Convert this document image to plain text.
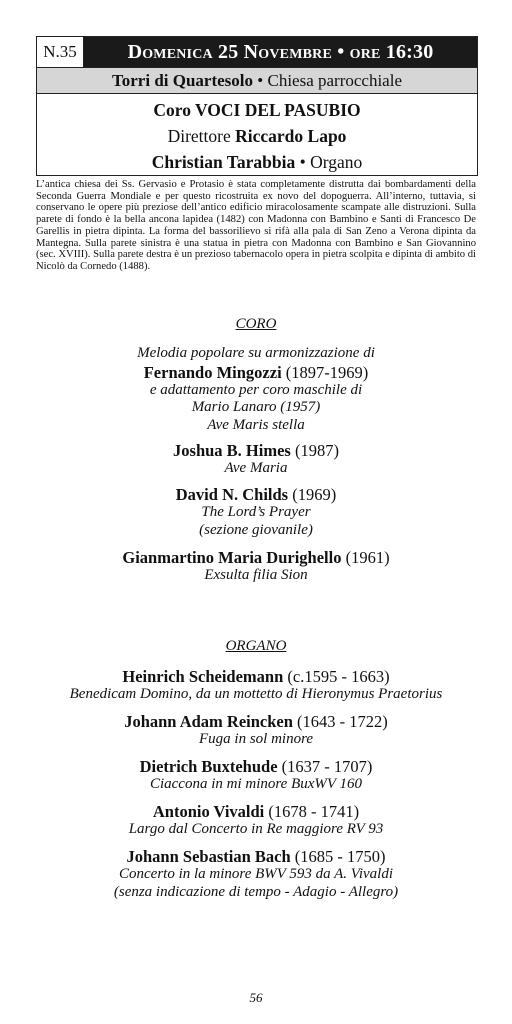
N.35	Domenica 25 Novembre • ore 16:30
Torri di Quartesolo • Chiesa parrocchiale
Coro VOCI DEL PASUBIO
Direttore Riccardo Lapo
Christian Tarabbia • Organo

L’antica chiesa dei Ss. Gervasio e Protasio è stata completamente distrutta dai bombardamenti della Seconda Guerra Mondiale e per questo ricostruita ex novo del dopoguerra. All’interno, tuttavia, si conservano le opere più preziose dell’antico edificio miracolosamente scampate alle distruzioni. Sulla parete di fondo è la bella ancona lapidea (1482) con Madonna con Bambino e Santi di Francesco De Garellis in pietra dipinta. La forma del bassorilievo si rifà alla pala di San Zeno a Verona dipinta da Mantegna. Sulla parete sinistra è una statua in pietra con Madonna con Bambino e San Giovannino (sec. XVIII). Sulla parete destra è un prezioso tabernacolo opera in pietra scolpita e dipinta di ambito di Nicolò da Cornedo (1488).

CORO
Melodia popolare su armonizzazione di
Fernando Mingozzi (1897-1969)
e adattamento per coro maschile di
Mario Lanaro (1957)
Ave Maris stella
Joshua B. Himes (1987)
Ave Maria
David N. Childs (1969)
The Lord’s Prayer
(sezione giovanile)
Gianmartino Maria Durighello (1961)
Exsulta filia Sion
ORGANO
Heinrich Scheidemann (c.1595 - 1663)
Benedicam Domino, da un mottetto di Hieronymus Praetorius
Johann Adam Reincken (1643 - 1722)
Fuga in sol minore
Dietrich Buxtehude (1637 - 1707)
Ciaccona in mi minore BuxWV 160
Antonio Vivaldi (1678 - 1741)
Largo dal Concerto in Re maggiore RV 93
Johann Sebastian Bach (1685 - 1750)
Concerto in la minore BWV 593 da A. Vivaldi
(senza indicazione di tempo - Adagio - Allegro)
56
